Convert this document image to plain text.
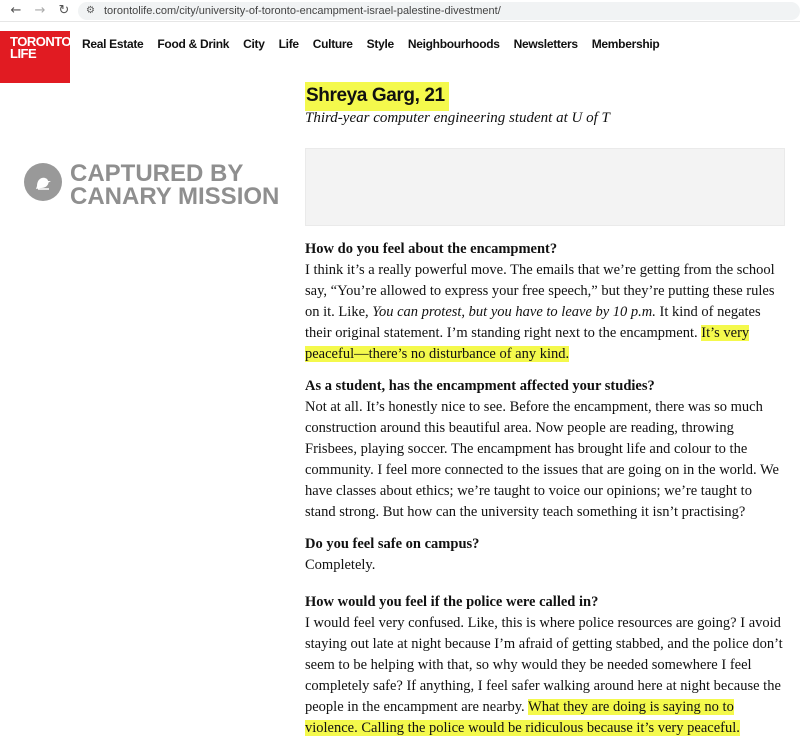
← → ↻ ⚙ torontolife.com/city/university-of-toronto-encampment-israel-palestine-divestment/
TORONTO
LIFE
Real Estate Food & Drink City Life Culture Style Neighbourhoods Newsletters Membership
CAPTURED BY
CANARY MISSION
Shreya Garg, 21
Third-year computer engineering student at U of T
How do you feel about the encampment?
I think it’s a really powerful move. The emails that we’re getting from the school
say, “You’re allowed to express your free speech,” but they’re putting these rules
on it. Like, You can protest, but you have to leave by 10 p.m. It kind of negates
their original statement. I’m standing right next to the encampment. It’s very
peaceful—there’s no disturbance of any kind.
As a student, has the encampment affected your studies?
Not at all. It’s honestly nice to see. Before the encampment, there was so much
construction around this beautiful area. Now people are reading, throwing
Frisbees, playing soccer. The encampment has brought life and colour to the
community. I feel more connected to the issues that are going on in the world. We
have classes about ethics; we’re taught to voice our opinions; we’re taught to
stand strong. But how can the university teach something it isn’t practising?
Do you feel safe on campus?
Completely.
How would you feel if the police were called in?
I would feel very confused. Like, this is where police resources are going? I avoid
staying out late at night because I’m afraid of getting stabbed, and the police don’t
seem to be helping with that, so why would they be needed somewhere I feel
completely safe? If anything, I feel safer walking around here at night because the
people in the encampment are nearby. What they are doing is saying no to
violence. Calling the police would be ridiculous because it’s very peaceful.
